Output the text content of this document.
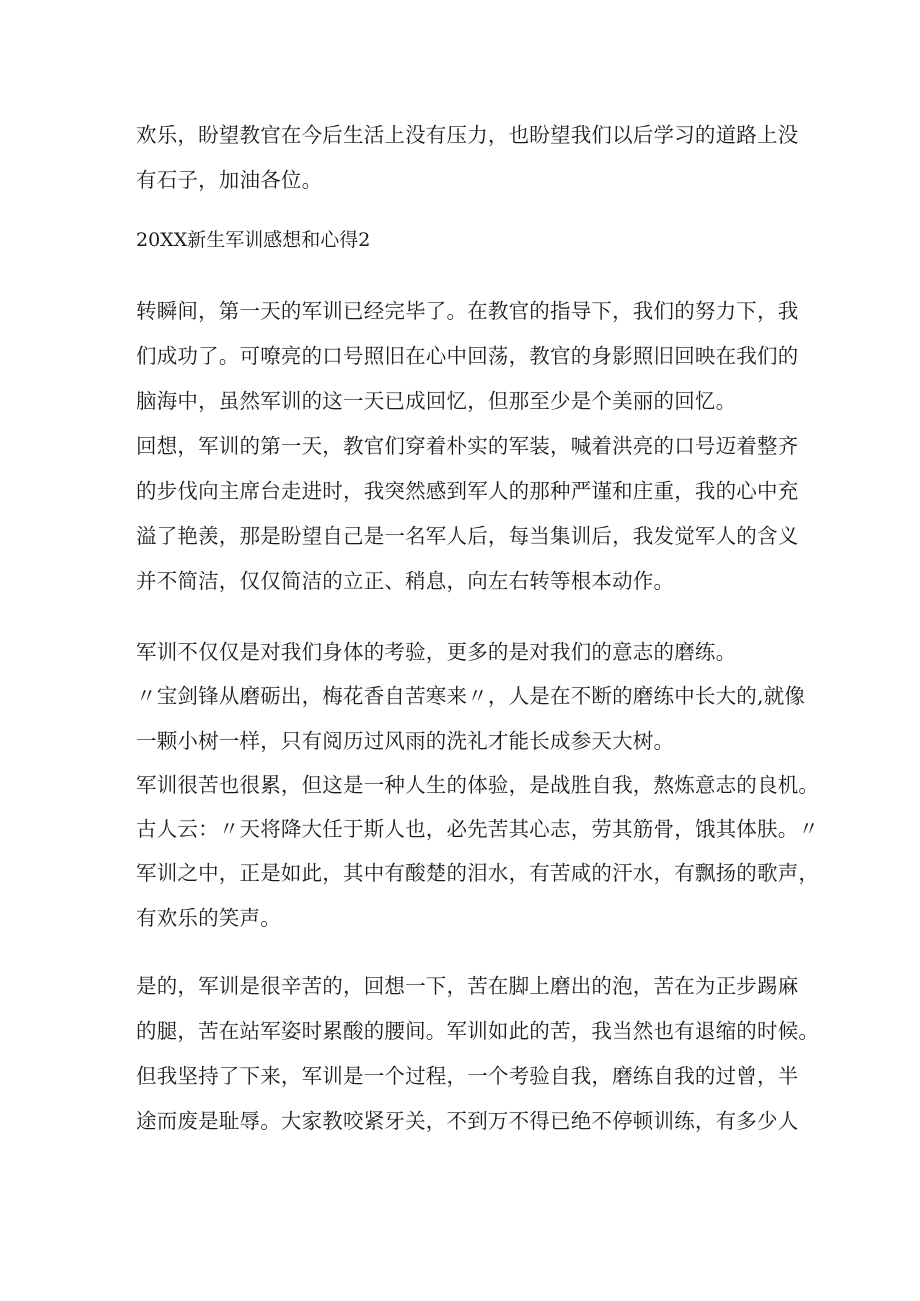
欢乐，盼望教官在今后生活上没有压力，也盼望我们以后学习的道路上没
有石子，加油各位。

20XX新生军训感想和心得2

转瞬间，第一天的军训已经完毕了。在教官的指导下，我们的努力下，我
们成功了。可嘹亮的口号照旧在心中回荡，教官的身影照旧回映在我们的
脑海中，虽然军训的这一天已成回忆，但那至少是个美丽的回忆。

回想，军训的第一天，教官们穿着朴实的军装，喊着洪亮的口号迈着整齐
的步伐向主席台走进时，我突然感到军人的那种严谨和庄重，我的心中充
溢了艳羡，那是盼望自己是一名军人后，每当集训后，我发觉军人的含义
并不简洁，仅仅简洁的立正、稍息，向左右转等根本动作。

军训不仅仅是对我们身体的考验，更多的是对我们的意志的磨练。

〃宝剑锋从磨砺出，梅花香自苦寒来〃，人是在不断的磨练中长大的,就像
一颗小树一样，只有阅历过风雨的洗礼才能长成参天大树。

军训很苦也很累，但这是一种人生的体验，是战胜自我，熬炼意志的良机。

古人云：〃天将降大任于斯人也，必先苦其心志，劳其筋骨，饿其体肤。〃

军训之中，正是如此，其中有酸楚的泪水，有苦咸的汗水，有飘扬的歌声，
有欢乐的笑声。

是的，军训是很辛苦的，回想一下，苦在脚上磨出的泡，苦在为正步踢麻
的腿，苦在站军姿时累酸的腰间。军训如此的苦，我当然也有退缩的时候。
但我坚持了下来，军训是一个过程，一个考验自我，磨练自我的过曾，半
途而废是耻辱。大家教咬紧牙关，不到万不得已绝不停顿训练，有多少人
